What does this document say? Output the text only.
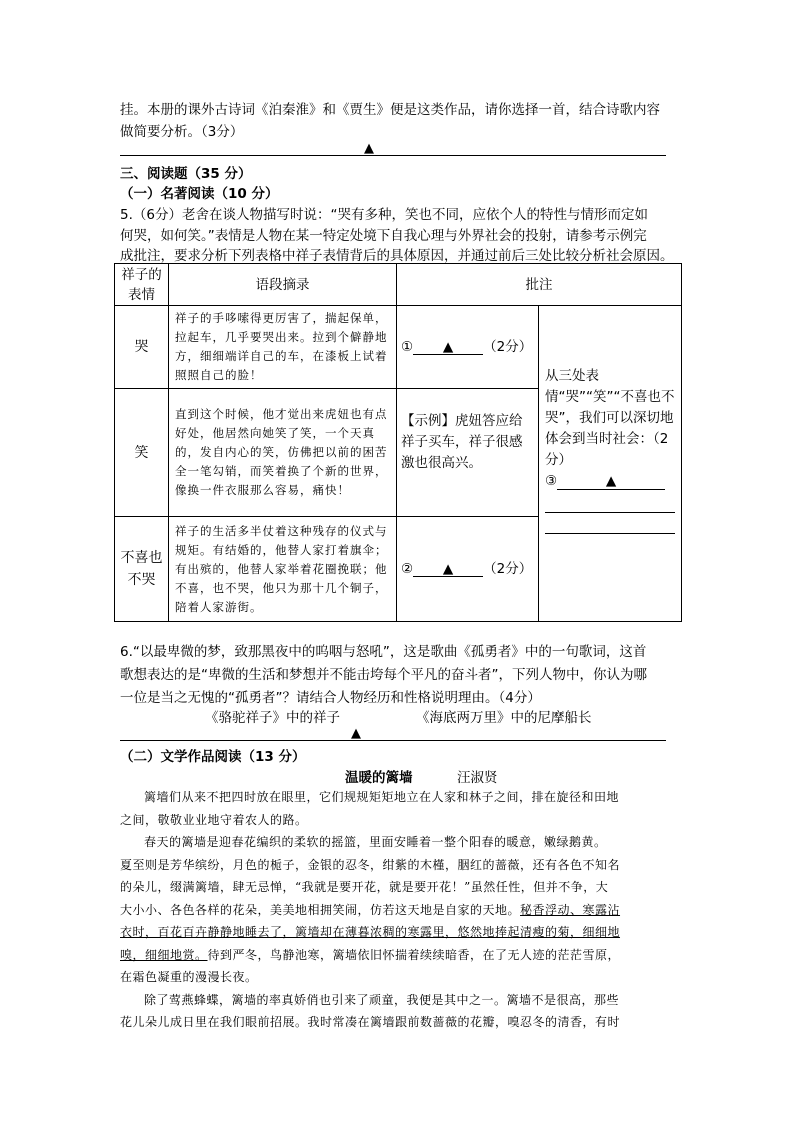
挂。本册的课外古诗词《泊秦淮》和《贾生》便是这类作品，请你选择一首，结合诗歌内容
做简要分析。（3分）
▲
三、阅读题（35 分）
（一）名著阅读（10 分）
5.（6分）老舍在谈人物描写时说：“哭有多种，笑也不同，应依个人的特性与情形而定如
何哭，如何笑。”表情是人物在某一特定处境下自我心理与外界社会的投射，请参考示例完
成批注，要求分析下列表格中祥子表情背后的具体原因，并通过前后三处比较分析社会原因。
祥子的表情	语段摘录	批注	
哭	祥子的手哆嗦得更厉害了，揣起保单，拉起车，几乎要哭出来。拉到个僻静地方，细细端详自己的车，在漆板上试着照照自己的脸！	① ▲ （2分）	从三处表情“哭”“笑”“不喜也不哭”，我们可以深切地体会到当时社会：（2分）
③ ▲

笑	直到这个时候，他才觉出来虎妞也有点好处，他居然向她笑了笑，一个天真的，发自内心的笑，仿佛把以前的困苦全一笔勾销，而笑着换了个新的世界，像换一件衣服那么容易，痛快！	【示例】虎妞答应给祥子买车，祥子很感激也很高兴。	
不喜也不哭	祥子的生活多半仗着这种残存的仪式与规矩。有结婚的，他替人家打着旗伞；有出殡的，他替人家举着花圈挽联；他不喜，也不哭，他只为那十几个铜子，陪着人家游街。	② ▲ （2分）	
6.“以最卑微的梦，致那黑夜中的呜咽与怒吼”，这是歌曲《孤勇者》中的一句歌词，这首
歌想表达的是“卑微的生活和梦想并不能击垮每个平凡的奋斗者”，下列人物中，你认为哪
一位是当之无愧的“孤勇者”？请结合人物经历和性格说明理由。（4分）
《骆驼祥子》中的祥子	《海底两万里》中的尼摩船长
▲
（二）文学作品阅读（13 分）
温暖的篱墙	汪淑贤

篱墙们从来不把四时放在眼里，它们规规矩矩地立在人家和林子之间，排在旋径和田地
之间，敬敬业业地守着农人的路。

春天的篱墙是迎春花编织的柔软的摇篮，里面安睡着一整个阳春的暖意，嫩绿鹅黄。
夏至则是芳华缤纷，月色的栀子，金银的忍冬，绀紫的木槿，胭红的蔷薇，还有各色不知名
的朵儿，缀满篱墙，肆无忌惮，“我就是要开花，就是要开花！”虽然任性，但并不争，大
大小小、各色各样的花朵，美美地相拥笑闹，仿若这天地是自家的天地。秘香浮动、寒露沾
衣时，百花百卉静静地睡去了，篱墙却在薄暮浓稠的寒露里，悠然地捧起清瘦的菊，细细地
嗅，细细地赏。待到严冬，鸟静池寒，篱墙依旧怀揣着续续暗香，在了无人迹的茫茫雪原，
在霜色凝重的漫漫长夜。

除了莺燕蜂蝶，篱墙的率真娇俏也引来了顽童，我便是其中之一。篱墙不是很高，那些
花儿朵儿成日里在我们眼前招展。我时常凑在篱墙跟前数蔷薇的花瓣，嗅忍冬的清香，有时
